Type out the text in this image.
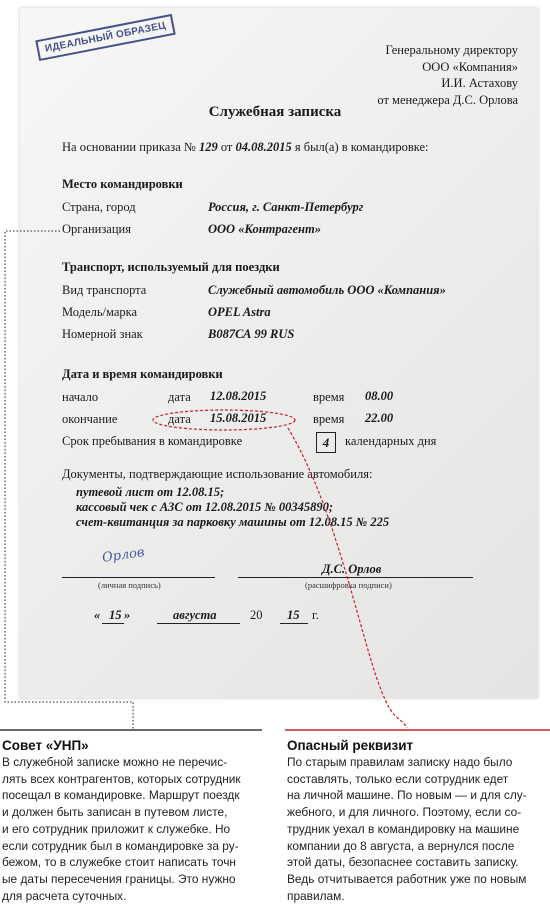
ИДЕАЛЬНЫЙ ОБРАЗЕЦ	Генеральному директору
ООО «Компания»
И.И. Астахову
от менеджера Д.С. Орлова
Служебная записка
На основании приказа № 129 от 04.08.2015 я был(а) в командировке:
Место командировки
Страна, город	Россия, г. Санкт-Петербург
Организация	ООО «Контрагент»
Транспорт, используемый для поездки
Вид транспорта	Служебный автомобиль ООО «Компания»
Модель/марка	OPEL Astra
Номерной знак	В087СА 99 RUS
Дата и время командировки
начало	дата 12.08.2015	время 08.00
окончание	дата 15.08.2015	время 22.00
Срок пребывания в командировке	4	календарных дня
Документы, подтверждающие использование автомобиля:
путевой лист от 12.08.15;
кассовый чек с АЗС от 12.08.2015 № 00345890;
счет-квитанция за парковку машины от 12.08.15 № 225
Орлов
(личная подпись)
Д.С. Орлов
(расшифровка подписи)
« 15 »	августа	20 15 г.
Совет «УНП»
В служебной записке можно не перечис-
лять всех контрагентов, которых сотрудник
посещал в командировке. Маршрут поездк
и должен быть записан в путевом листе,
и его сотрудник приложит к служебке. Но
если сотрудник был в командировке за ру-
бежом, то в служебке стоит написать точн
ые даты пересечения границы. Это нужно
для расчета суточных.
Опасный реквизит
По старым правилам записку надо было
составлять, только если сотрудник едет
на личной машине. По новым — и для слу-
жебного, и для личного. Поэтому, если со-
трудник уехал в командировку на машине
компании до 8 августа, а вернулся после
этой даты, безопаснее составить записку.
Ведь отчитывается работник уже по новым
правилам.
